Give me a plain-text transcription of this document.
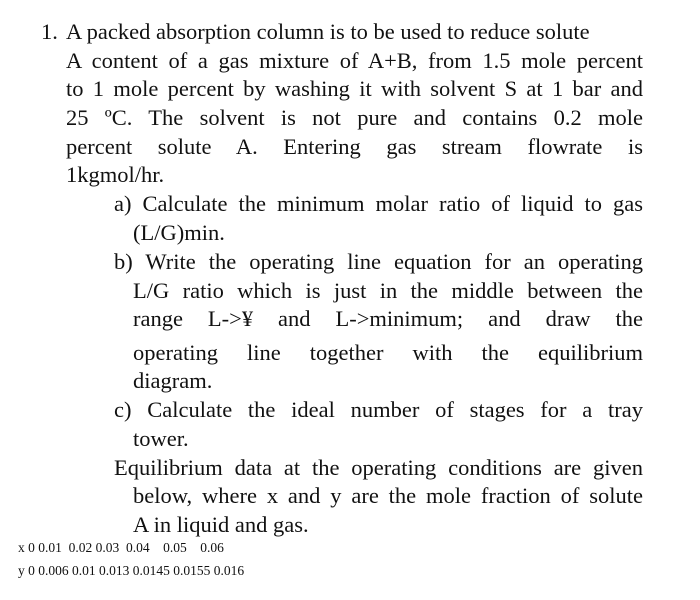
1. A packed absorption column is to be used to reduce solute
A content of a gas mixture of A+B, from 1.5 mole percent
to 1 mole percent by washing it with solvent S at 1 bar and
25 ºC. The solvent is not pure and contains 0.2 mole
percent solute A. Entering gas stream flowrate is
1kgmol/hr.
a) Calculate the minimum molar ratio of liquid to gas
(L/G)min.
b) Write the operating line equation for an operating
L/G ratio which is just in the middle between the
range L->¥ and L->minimum; and draw the
operating line together with the equilibrium
diagram.
c) Calculate the ideal number of stages for a tray
tower.
Equilibrium data at the operating conditions are given
below, where x and y are the mole fraction of solute
A in liquid and gas.
x 0 0.01  0.02 0.03  0.04    0.05    0.06
y 0 0.006 0.01 0.013 0.0145 0.0155 0.016
